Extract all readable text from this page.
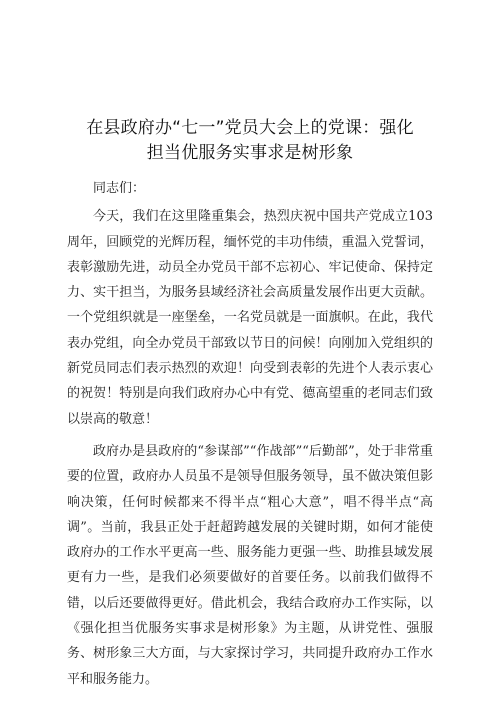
在县政府办“七一”党员大会上的党课：强化
担当优服务实事求是树形象

同志们：

今天，我们在这里隆重集会，热烈庆祝中国共产党成立103周年，回顾党的光辉历程，缅怀党的丰功伟绩，重温入党誓词，表彰激励先进，动员全办党员干部不忘初心、牢记使命、保持定力、实干担当，为服务县域经济社会高质量发展作出更大贡献。一个党组织就是一座堡垒，一名党员就是一面旗帜。在此，我代表办党组，向全办党员干部致以节日的问候！向刚加入党组织的新党员同志们表示热烈的欢迎！向受到表彰的先进个人表示衷心的祝贺！特别是向我们政府办心中有党、德高望重的老同志们致以崇高的敬意！

政府办是县政府的“参谋部”“作战部”“后勤部”，处于非常重要的位置，政府办人员虽不是领导但服务领导，虽不做决策但影响决策，任何时候都来不得半点“粗心大意”，唱不得半点“高调”。当前，我县正处于赶超跨越发展的关键时期，如何才能使政府办的工作水平更高一些、服务能力更强一些、助推县域发展更有力一些，是我们必须要做好的首要任务。以前我们做得不错，以后还要做得更好。借此机会，我结合政府办工作实际，以《强化担当优服务实事求是树形象》为主题，从讲党性、强服务、树形象三大方面，与大家探讨学习，共同提升政府办工作水平和服务能力。
